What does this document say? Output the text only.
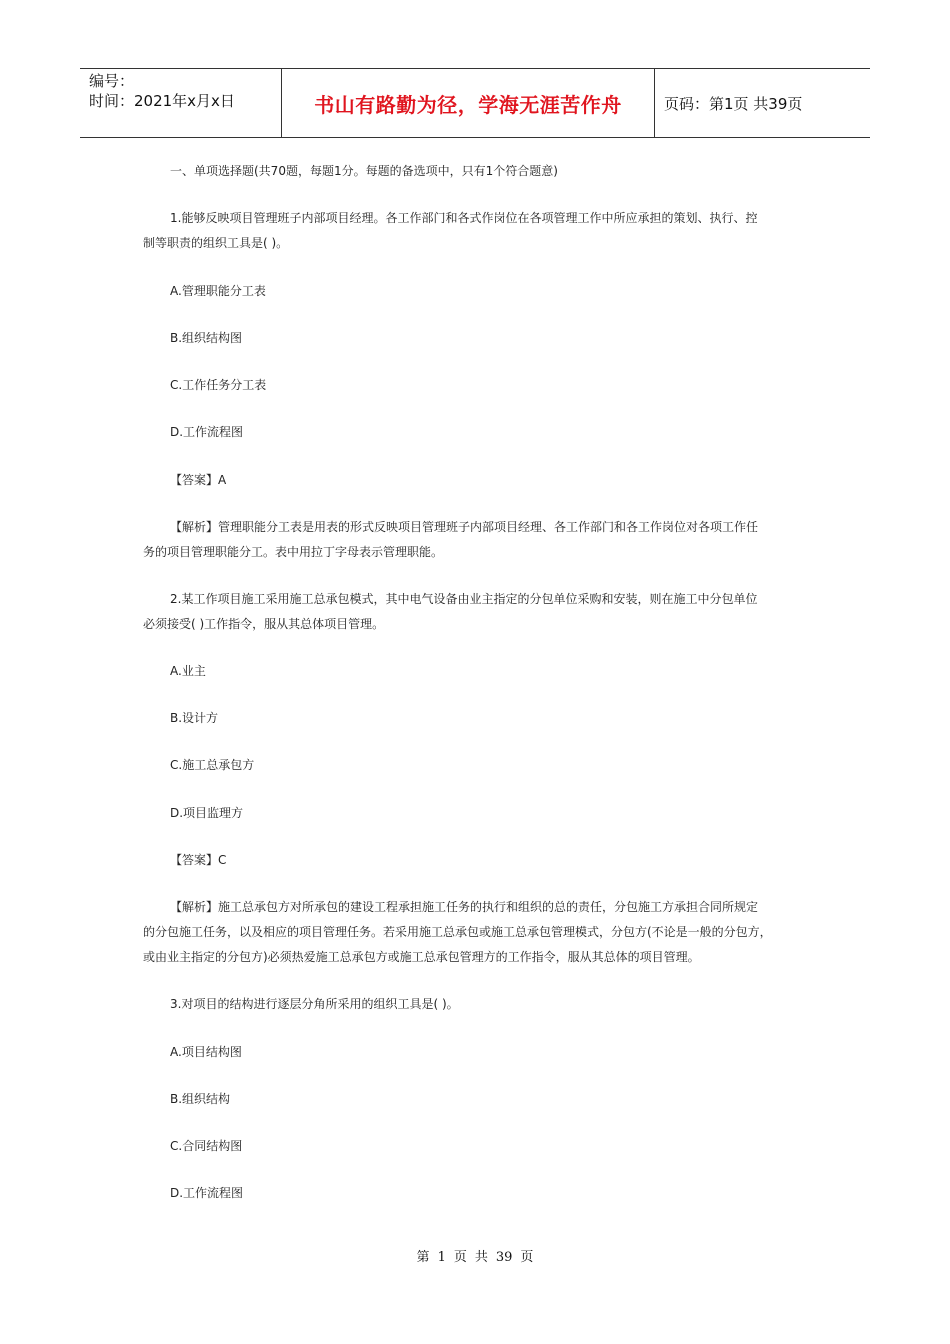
编号：
时间：2021年x月x日	书山有路勤为径，学海无涯苦作舟	页码：第1页 共39页
一、单项选择题(共70题，每题1分。每题的备选项中，只有1个符合题意)
1.能够反映项目管理班子内部项目经理。各工作部门和各式作岗位在各项管理工作中所应承担的策划、执行、控
制等职责的组织工具是( )。
A.管理职能分工表
B.组织结构图
C.工作任务分工表
D.工作流程图
【答案】A
【解析】管理职能分工表是用表的形式反映项目管理班子内部项目经理、各工作部门和各工作岗位对各项工作任
务的项目管理职能分工。表中用拉丁字母表示管理职能。
2.某工作项目施工采用施工总承包模式，其中电气设备由业主指定的分包单位采购和安装，则在施工中分包单位
必须接受( )工作指令，服从其总体项目管理。
A.业主
B.设计方
C.施工总承包方
D.项目监理方
【答案】C
【解析】施工总承包方对所承包的建设工程承担施工任务的执行和组织的总的责任，分包施工方承担合同所规定
的分包施工任务，以及相应的项目管理任务。若采用施工总承包或施工总承包管理模式，分包方(不论是一般的分包方，
或由业主指定的分包方)必须热爱施工总承包方或施工总承包管理方的工作指令，服从其总体的项目管理。
3.对项目的结构进行逐层分角所采用的组织工具是( )。
A.项目结构图
B.组织结构
C.合同结构图
D.工作流程图
第 1 页 共 39 页
